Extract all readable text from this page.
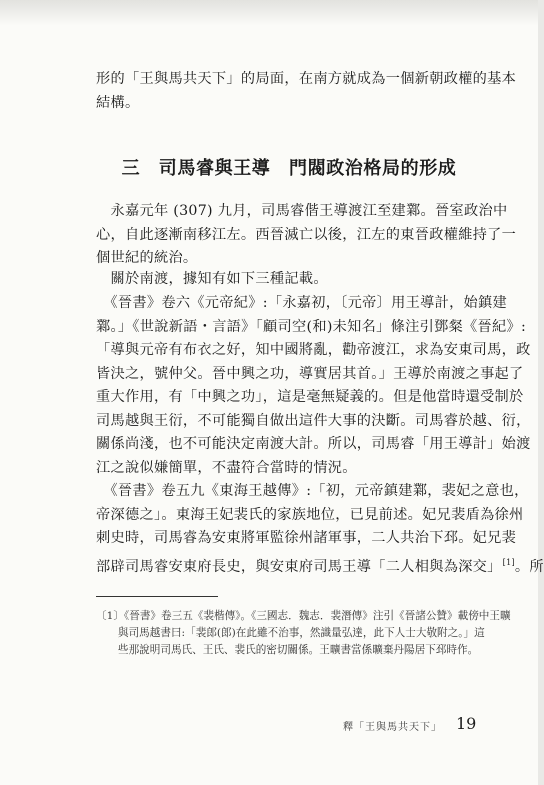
形的「王與馬共天下」的局面，在南方就成為一個新朝政權的基本
結構。
三　司馬睿與王導　門閥政治格局的形成
　永嘉元年 (307) 九月，司馬睿偕王導渡江至建鄴。晉室政治中
心，自此逐漸南移江左。西晉滅亡以後，江左的東晉政權維持了一
個世紀的統治。
　關於南渡，據知有如下三種記載。
　《晉書》卷六《元帝紀》:「永嘉初，〔元帝〕用王導計，始鎮建
鄴。」《世說新語・言語》「顧司空(和)未知名」條注引鄧粲《晉紀》:
「導與元帝有布衣之好，知中國將亂，勸帝渡江，求為安東司馬，政
皆決之，號仲父。晉中興之功，導實居其首。」王導於南渡之事起了
重大作用，有「中興之功」，這是毫無疑義的。但是他當時還受制於
司馬越與王衍，不可能獨自做出這件大事的決斷。司馬睿於越、衍，
關係尚淺，也不可能決定南渡大計。所以，司馬睿「用王導計」始渡
江之說似嫌簡單，不盡符合當時的情況。
　《晉書》卷五九《東海王越傳》:「初，元帝鎮建鄴，裴妃之意也，
帝深德之」。東海王妃裴氏的家族地位，已見前述。妃兄裴盾為徐州
刺史時，司馬睿為安東將軍監徐州諸軍事，二人共治下邳。妃兄裴
部辟司馬睿安東府長史，與安東府司馬王導「二人相與為深交」[1]。所
〔1〕《晉書》卷三五《裴楷傳》。《三國志．魏志．裴潛傳》注引《晉諸公贊》載傍中王曠
與司馬越書曰:「裴郎(郎)在此雖不治事，然識量弘達，此下人士大敬附之。」這
些那說明司馬氏、王氏、裴氏的密切關係。王曠書當係曠棄丹陽居下邳時作。
釋「王與馬共天下」 19
